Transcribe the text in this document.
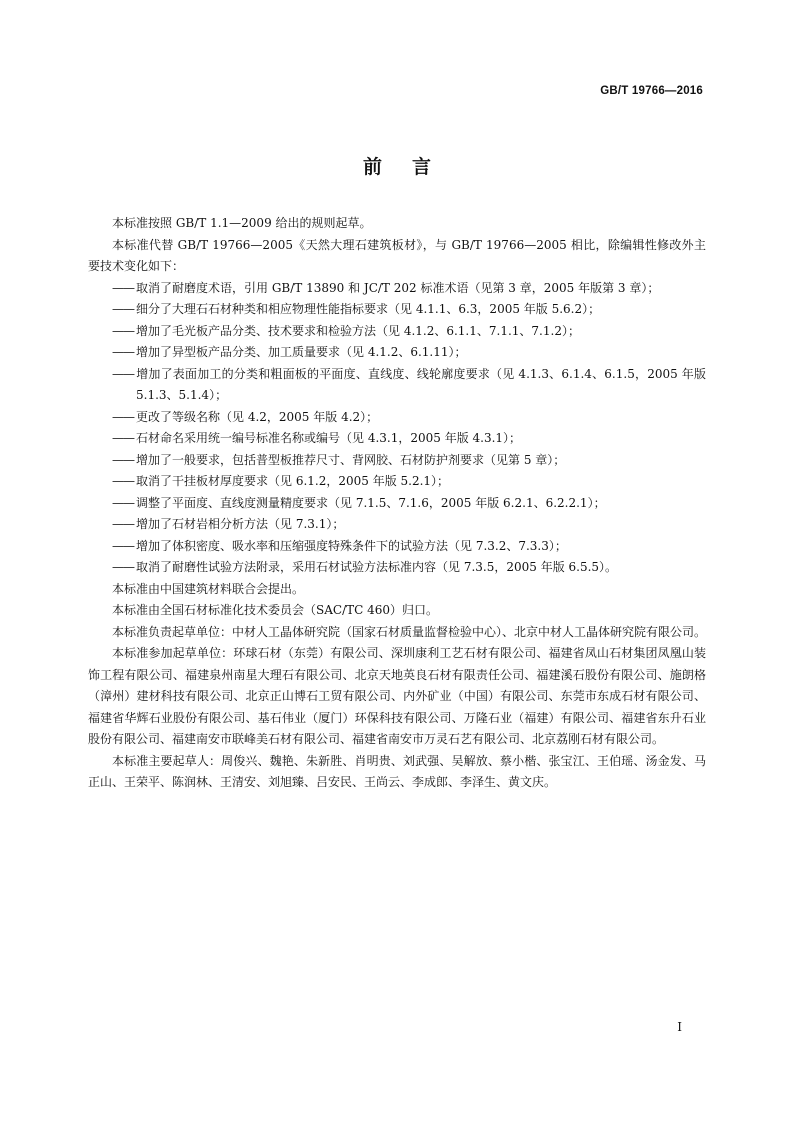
GB/T 19766—2016
前言

本标准按照 GB/T 1.1—2009 给出的规则起草。

本标准代替 GB/T 19766—2005《天然大理石建筑板材》，与 GB/T 19766—2005 相比，除编辑性修改外主要技术变化如下：

—— 取消了耐磨度术语，引用 GB/T 13890 和 JC/T 202 标准术语（见第 3 章，2005 年版第 3 章）；
—— 细分了大理石石材种类和相应物理性能指标要求（见 4.1.1、6.3，2005 年版 5.6.2）；
—— 增加了毛光板产品分类、技术要求和检验方法（见 4.1.2、6.1.1、7.1.1、7.1.2）；
—— 增加了异型板产品分类、加工质量要求（见 4.1.2、6.1.11）；
—— 增加了表面加工的分类和粗面板的平面度、直线度、线轮廓度要求（见 4.1.3、6.1.4、6.1.5，2005 年版 5.1.3、5.1.4）；
—— 更改了等级名称（见 4.2，2005 年版 4.2）；
—— 石材命名采用统一编号标准名称或编号（见 4.3.1，2005 年版 4.3.1）；
—— 增加了一般要求，包括普型板推荐尺寸、背网胶、石材防护剂要求（见第 5 章）；
—— 取消了干挂板材厚度要求（见 6.1.2，2005 年版 5.2.1）；
—— 调整了平面度、直线度测量精度要求（见 7.1.5、7.1.6，2005 年版 6.2.1、6.2.2.1）；
—— 增加了石材岩相分析方法（见 7.3.1）；
—— 增加了体积密度、吸水率和压缩强度特殊条件下的试验方法（见 7.3.2、7.3.3）；
—— 取消了耐磨性试验方法附录，采用石材试验方法标准内容（见 7.3.5，2005 年版 6.5.5）。

本标准由中国建筑材料联合会提出。

本标准由全国石材标准化技术委员会（SAC/TC 460）归口。

本标准负责起草单位：中材人工晶体研究院（国家石材质量监督检验中心）、北京中材人工晶体研究院有限公司。

本标准参加起草单位：环球石材（东莞）有限公司、深圳康利工艺石材有限公司、福建省凤山石材集团凤凰山装饰工程有限公司、福建泉州南星大理石有限公司、北京天地英良石材有限责任公司、福建溪石股份有限公司、施朗格（漳州）建材科技有限公司、北京正山博石工贸有限公司、内外矿业（中国）有限公司、东莞市东成石材有限公司、福建省华辉石业股份有限公司、基石伟业（厦门）环保科技有限公司、万隆石业（福建）有限公司、福建省东升石业股份有限公司、福建南安市联峰美石材有限公司、福建省南安市万灵石艺有限公司、北京荔刚石材有限公司。

本标准主要起草人：周俊兴、魏艳、朱新胜、肖明贵、刘武强、吴解放、蔡小楷、张宝江、王伯瑶、汤金发、马正山、王荣平、陈润林、王清安、刘旭臻、吕安民、王尚云、李成郎、李泽生、黄文庆。

I
